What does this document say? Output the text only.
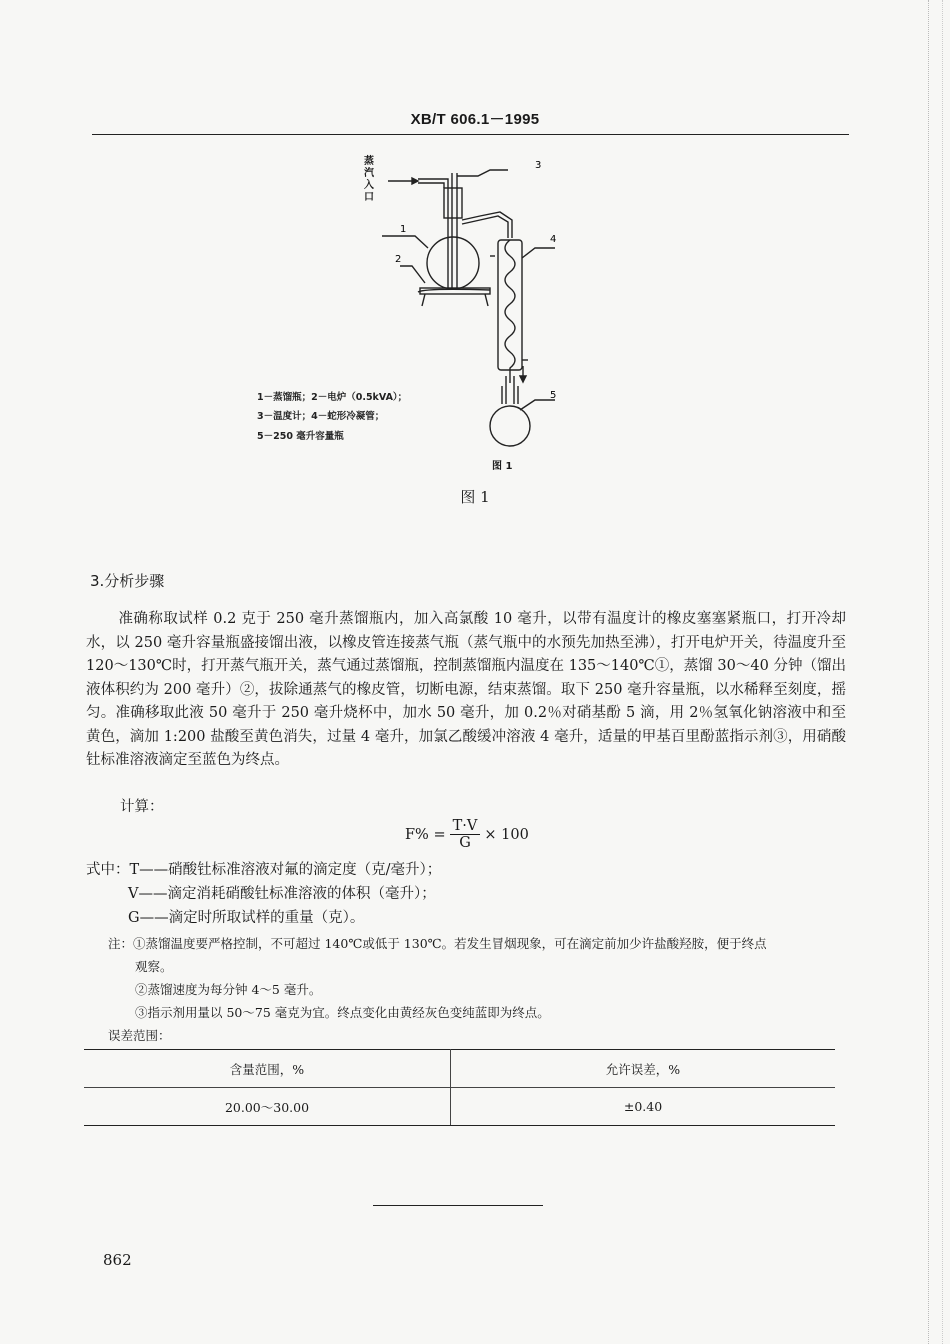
XB/T 606.1－1995
3
1
2
4
5
蒸汽入口
1－蒸馏瓶；2－电炉（0.5kVA）；
3－温度计；4－蛇形冷凝管；
5－250 毫升容量瓶
图 1
图 1
3.分析步骤
准确称取试样 0.2 克于 250 毫升蒸馏瓶内，加入高氯酸 10 毫升，以带有温度计的橡皮塞塞紧瓶口，打开冷却水，以 250 毫升容量瓶盛接馏出液，以橡皮管连接蒸气瓶（蒸气瓶中的水预先加热至沸），打开电炉开关，待温度升至 120～130℃时，打开蒸气瓶开关，蒸气通过蒸馏瓶，控制蒸馏瓶内温度在 135～140℃①，蒸馏 30～40 分钟（馏出液体积约为 200 毫升）②，拔除通蒸气的橡皮管，切断电源，结束蒸馏。取下 250 毫升容量瓶，以水稀释至刻度，摇匀。准确移取此液 50 毫升于 250 毫升烧杯中，加水 50 毫升，加 0.2％对硝基酚 5 滴，用 2％氢氧化钠溶液中和至黄色，滴加 1:200 盐酸至黄色消失，过量 4 毫升，加氯乙酸缓冲溶液 4 毫升，适量的甲基百里酚蓝指示剂③，用硝酸钍标准溶液滴定至蓝色为终点。
计算：
$F\% = \frac{T\cdot V}{G} \times 100$
式中：T——硝酸钍标准溶液对氟的滴定度（克/毫升）；
V——滴定消耗硝酸钍标准溶液的体积（毫升）；
G——滴定时所取试样的重量（克）。
注：①蒸馏温度要严格控制，不可超过 140℃或低于 130℃。若发生冒烟现象，可在滴定前加少许盐酸羟胺，便于终点
观察。
②蒸馏速度为每分钟 4～5 毫升。
③指示剂用量以 50～75 毫克为宜。终点变化由黄经灰色变纯蓝即为终点。
误差范围：
含量范围，%	允许误差，%
20.00～30.00	±0.40
862
